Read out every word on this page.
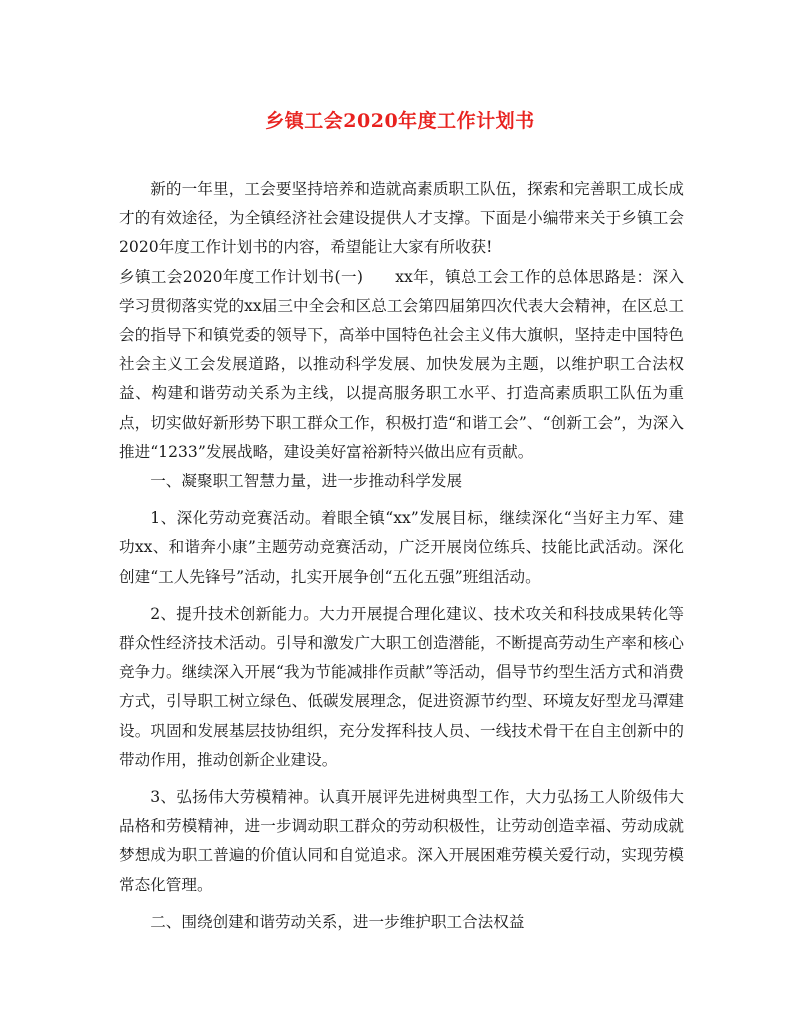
乡镇工会2020年度工作计划书

新的一年里，工会要坚持培养和造就高素质职工队伍，探索和完善职工成长成才的有效途径，为全镇经济社会建设提供人才支撑。下面是小编带来关于乡镇工会2020年度工作计划书的内容，希望能让大家有所收获!

乡镇工会2020年度工作计划书(一)　　xx年，镇总工会工作的总体思路是：深入学习贯彻落实党的xx届三中全会和区总工会第四届第四次代表大会精神，在区总工会的指导下和镇党委的领导下，高举中国特色社会主义伟大旗帜，坚持走中国特色社会主义工会发展道路，以推动科学发展、加快发展为主题，以维护职工合法权益、构建和谐劳动关系为主线，以提高服务职工水平、打造高素质职工队伍为重点，切实做好新形势下职工群众工作，积极打造“和谐工会”、“创新工会”，为深入推进“1233”发展战略，建设美好富裕新特兴做出应有贡献。

一、凝聚职工智慧力量，进一步推动科学发展

1、深化劳动竞赛活动。着眼全镇“xx”发展目标，继续深化“当好主力军、建功xx、和谐奔小康”主题劳动竞赛活动，广泛开展岗位练兵、技能比武活动。深化创建“工人先锋号”活动，扎实开展争创“五化五强”班组活动。

2、提升技术创新能力。大力开展提合理化建议、技术攻关和科技成果转化等群众性经济技术活动。引导和激发广大职工创造潜能，不断提高劳动生产率和核心竞争力。继续深入开展“我为节能减排作贡献”等活动，倡导节约型生活方式和消费方式，引导职工树立绿色、低碳发展理念，促进资源节约型、环境友好型龙马潭建设。巩固和发展基层技协组织，充分发挥科技人员、一线技术骨干在自主创新中的带动作用，推动创新企业建设。

3、弘扬伟大劳模精神。认真开展评先进树典型工作，大力弘扬工人阶级伟大品格和劳模精神，进一步调动职工群众的劳动积极性，让劳动创造幸福、劳动成就梦想成为职工普遍的价值认同和自觉追求。深入开展困难劳模关爱行动，实现劳模常态化管理。

二、围绕创建和谐劳动关系，进一步维护职工合法权益
